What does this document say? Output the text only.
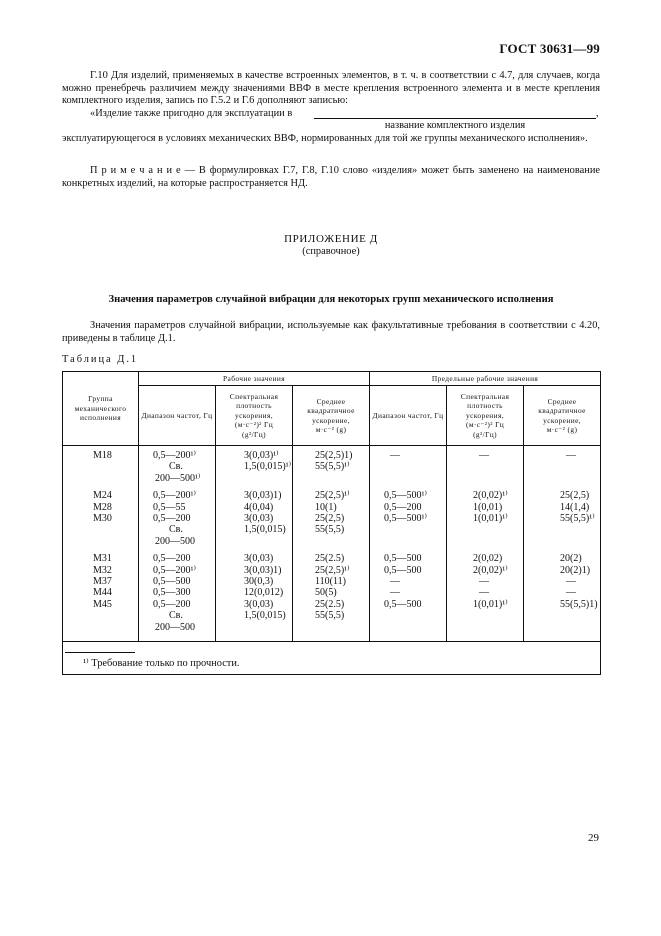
ГОСТ 30631—99
Г.10 Для изделий, применяемых в качестве встроенных элементов, в т. ч. в соответствии с 4.7, для случаев, когда можно пренебречь различием между значениями ВВФ в месте крепления встроенного элемента и в месте крепления комплектного изделия, запись по Г.5.2 и Г.6 дополняют записью:
«Изделие также пригодно для эксплуатации в	,
название комплектного изделия
эксплуатирующегося в условиях механических ВВФ, нормированных для той же группы механического исполнения».
П р и м е ч а н и е — В формулировках Г.7, Г.8, Г.10 слово «изделия» может быть заменено на наименование конкретных изделий, на которые распространяется НД.
ПРИЛОЖЕНИЕ Д
(справочное)
Значения параметров случайной вибрации для некоторых групп механического исполнения
Значения параметров случайной вибрации, используемые как факультативные требования в соответствии с 4.20, приведены в таблице Д.1.
Таблица Д.1
Группа механического исполнения	Рабочие значения			Предельные рабочие значения		
	Диапазон частот, Гц	Спектральная плотность ускорения,
(м·с⁻²)² Гц
(g²/Гц)	Среднее квадратичное ускорение,
м·с⁻² (g)	Диапазон частот, Гц	Спектральная плотность ускорения,
(м·с⁻²)² Гц
(g²/Гц)	Среднее квадратичное ускорение,
м·с⁻² (g)

М18	0,5—200¹⁾
Св.
200—500¹⁾	3(0,03)¹⁾
1,5(0,015)¹⁾	25(2,5)1)
55(5,5)¹⁾	—	—	—

М24	0,5—200¹⁾	3(0,03)1)	25(2,5)¹⁾	0,5—500¹⁾	2(0,02)¹⁾	25(2,5)

М28	0,5—55	4(0,04)	10(1)	0,5—200	1(0,01)	14(1,4)

М30	0,5—200
Св.
200—500	3(0,03)
1,5(0,015)	25(2,5)
55(5,5)	0,5—500¹⁾	1(0,01)¹⁾	55(5,5)¹⁾

М31	0,5—200	3(0,03)	25(2.5)	0,5—500	2(0,02)	20(2)

М32	0,5—200¹⁾	3(0,03)1)	25(2,5)¹⁾	0,5—500	2(0,02)¹⁾	20(2)1)

М37	0,5—500	30(0,3)	110(11)	—	—	—

М44	0,5—300	12(0,012)	50(5)	—	—	—

М45	0,5—200
Св.
200—500	3(0,03)
1,5(0,015)	25(2.5)
55(5,5)	0,5—500	1(0,01)¹⁾	55(5,5)1)

¹⁾ Требование только по прочности.						
29
